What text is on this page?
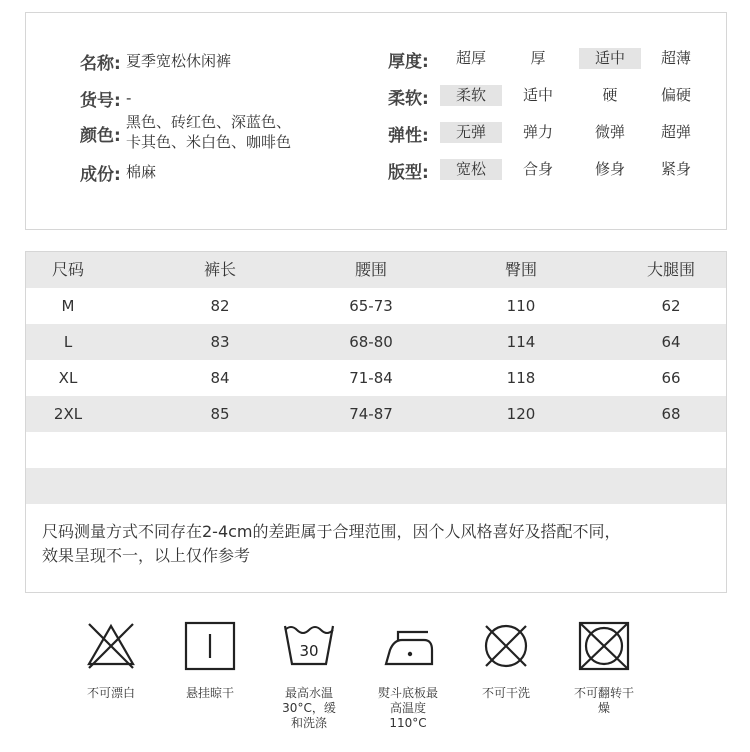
名称: 夏季宽松休闲裤
货号: -
颜色:
黑色、砖红色、深蓝色、
卡其色、米白色、咖啡色
成份: 棉麻
厚度:	超厚	厚	适中	超薄
柔软:	柔软	适中	硬	偏硬
弹性:	无弹	弹力	微弹	超弹
版型:	宽松	合身	修身	紧身
尺码	裤长	腰围	臀围	大腿围
M	82	65-73	110	62
L	83	68-80	114	64
XL	84	71-84	118	66
2XL	85	74-87	120	68
尺码测量方式不同存在2-4cm的差距属于合理范围，因个人风格喜好及搭配不同，
效果呈现不一，以上仅作参考
不可漂白	悬挂晾干
30
最高水温
30°C，缓
和洗涤
熨斗底板最
高温度
110°C
不可干洗	不可翻转干
燥
